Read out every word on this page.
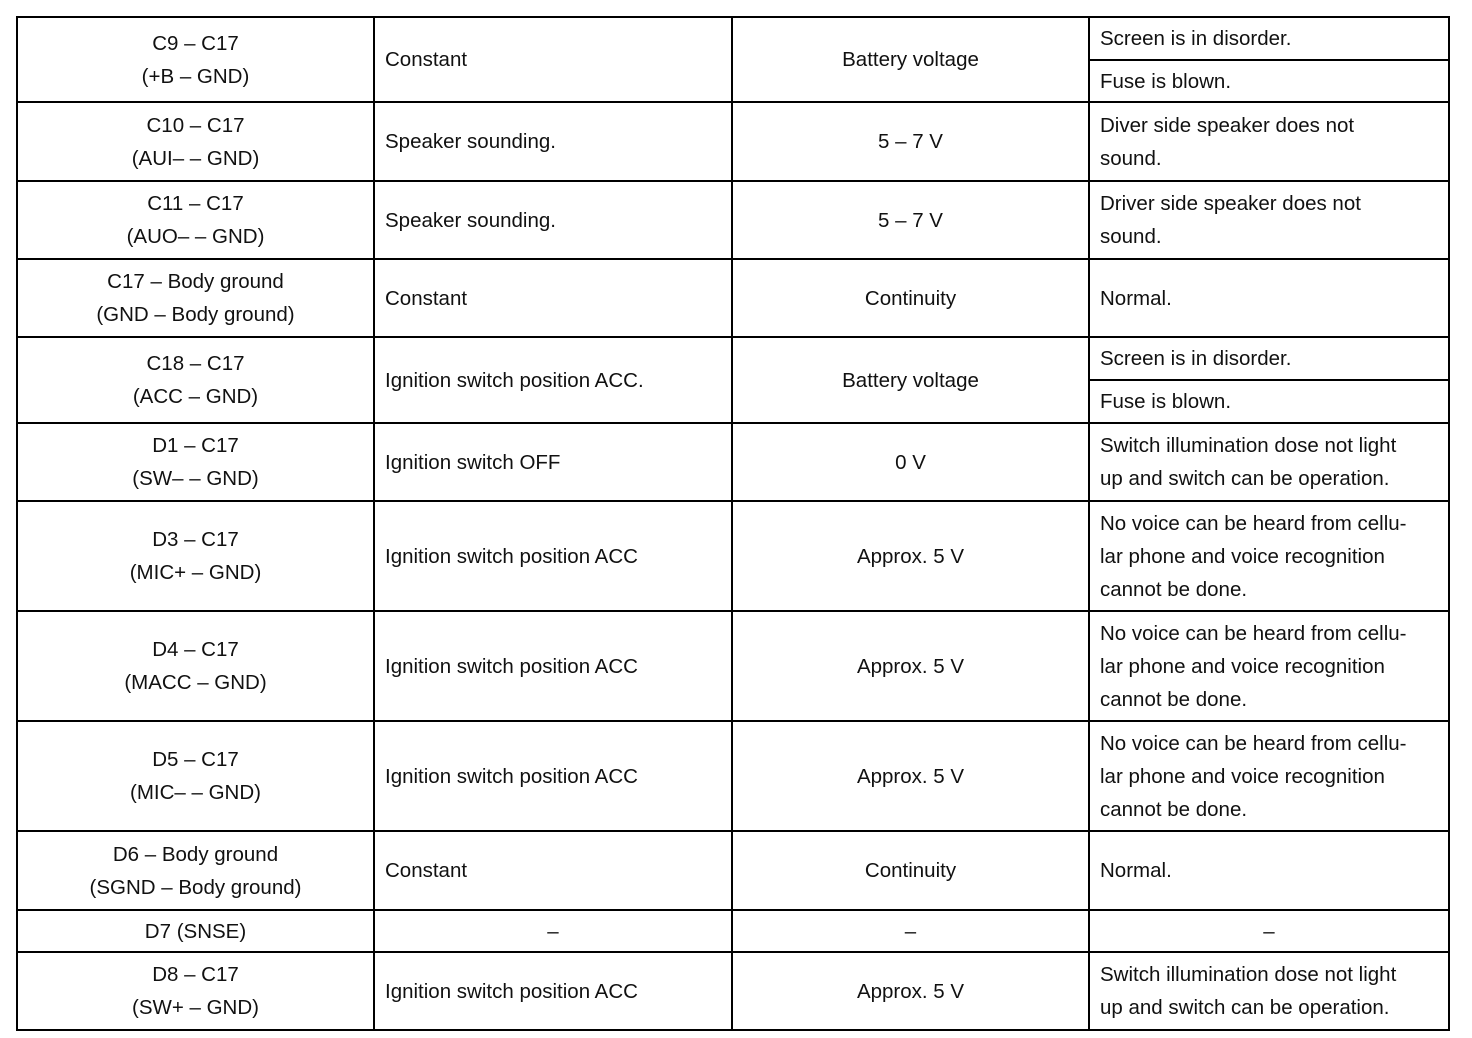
C9 – C17
(+B – GND)	Constant	Battery voltage	Screen is in disorder.
			Fuse is blown.

C10 – C17
(AUI– – GND)	Speaker sounding.	5 – 7 V	Diver side speaker does not
sound.

C11 – C17
(AUO– – GND)	Speaker sounding.	5 – 7 V	Driver side speaker does not
sound.

C17 – Body ground
(GND – Body ground)	Constant	Continuity	Normal.

C18 – C17
(ACC – GND)	Ignition switch position ACC.	Battery voltage	Screen is in disorder.
			Fuse is blown.

D1 – C17
(SW– – GND)	Ignition switch OFF	0 V	Switch illumination dose not light
up and switch can be operation.

D3 – C17
(MIC+ – GND)	Ignition switch position ACC	Approx. 5 V	No voice can be heard from cellu-
lar phone and voice recognition
cannot be done.

D4 – C17
(MACC – GND)	Ignition switch position ACC	Approx. 5 V	No voice can be heard from cellu-
lar phone and voice recognition
cannot be done.

D5 – C17
(MIC– – GND)	Ignition switch position ACC	Approx. 5 V	No voice can be heard from cellu-
lar phone and voice recognition
cannot be done.

D6 – Body ground
(SGND – Body ground)	Constant	Continuity	Normal.

D7 (SNSE)	–	–	–

D8 – C17
(SW+ – GND)	Ignition switch position ACC	Approx. 5 V	Switch illumination dose not light
up and switch can be operation.
